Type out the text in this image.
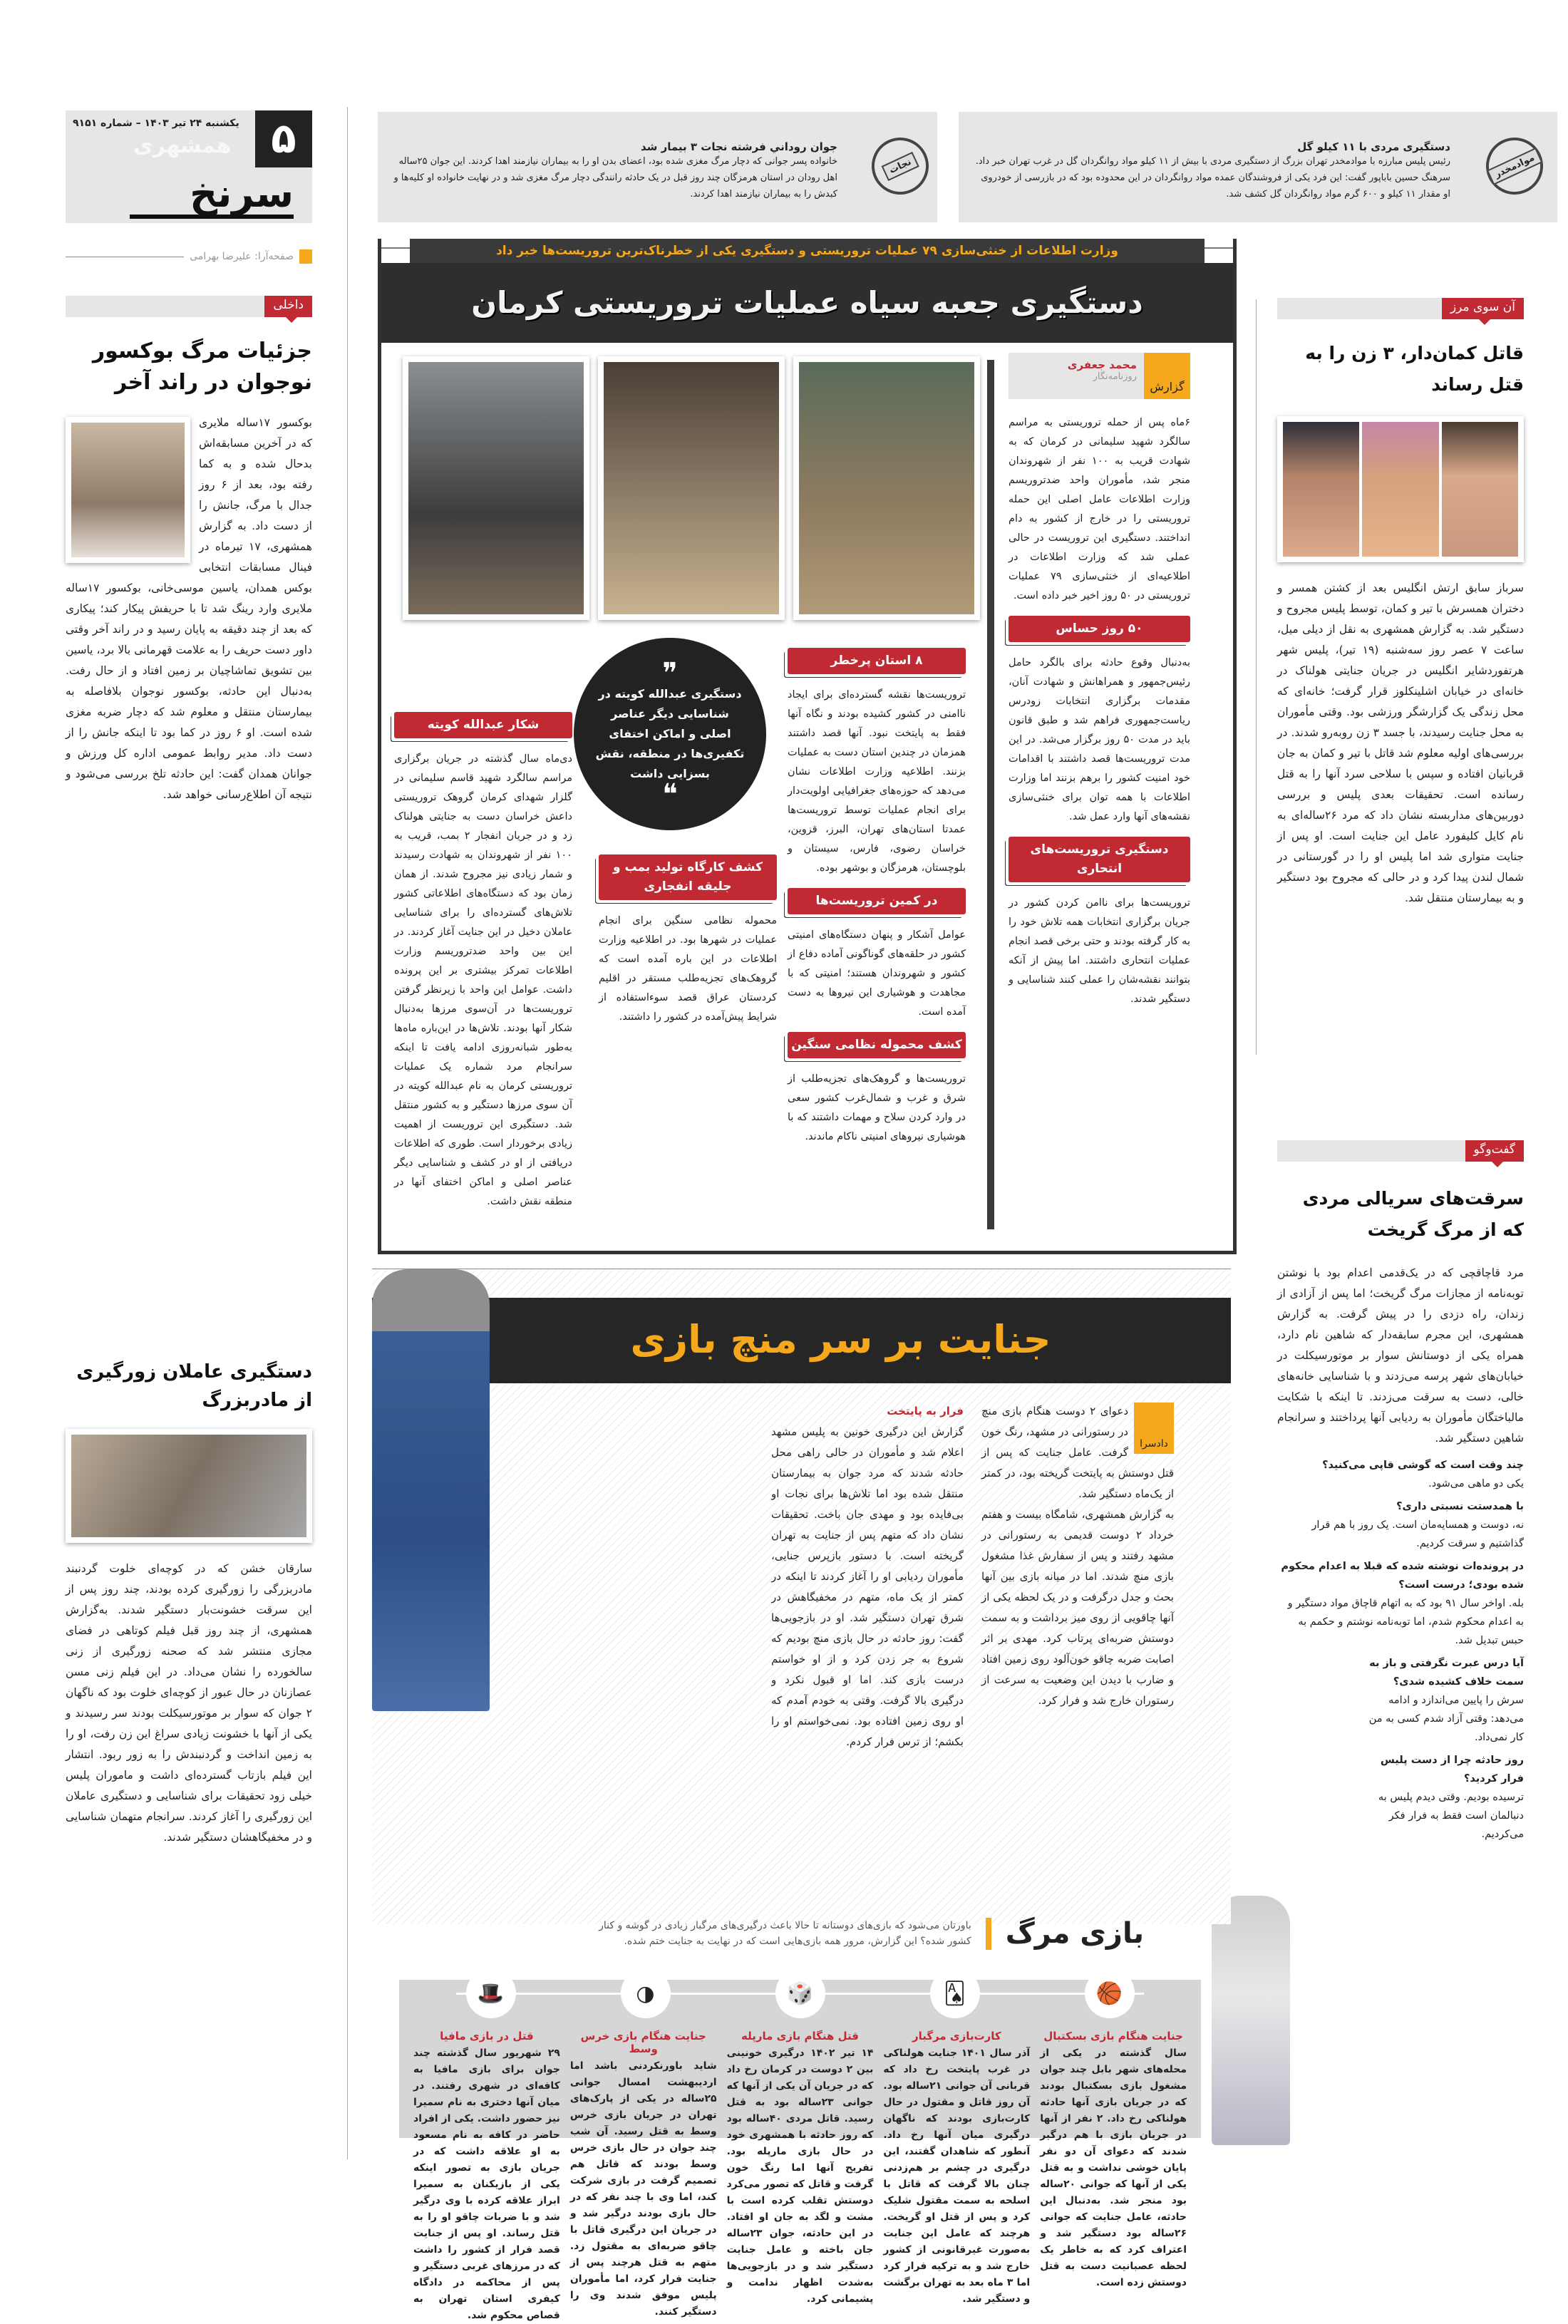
۵
یکشنبه ۲۴ تیر ۱۴۰۳ – شماره ۹۱۵۱
همشهری
سرنخ
صفحه‌آرا: علیرضا بهرامی
داخلی
جزئیات مرگ بوکسور نوجوان در راند آخر

بوکسور ۱۷ساله ملایری که در آخرین مسابقه‌اش بدحال شده و به کما رفته بود، بعد از ۶ روز جدال با مرگ، جانش را از دست داد. به گزارش همشهری، ۱۷ تیرماه در فینال مسابقات انتخابی بوکس همدان، یاسین موسی‌خانی، بوکسور ۱۷ساله ملایری وارد رینگ شد تا با حریفش پیکار کند؛ پیکاری که بعد از چند دقیقه به پایان رسید و در راند آخر وقتی داور دست حریف را به علامت قهرمانی بالا برد، یاسین بین تشویق تماشاچیان بر زمین افتاد و از حال رفت. به‌دنبال این حادثه، بوکسور نوجوان بلافاصله به بیمارستان منتقل و معلوم شد که دچار ضربه مغزی شده است. او ۶ روز در کما بود تا اینکه جانش را از دست داد. مدیر روابط عمومی اداره کل ورزش و جوانان همدان گفت: این حادثه تلخ بررسی می‌شود و نتیجه آن اطلاع‌رسانی خواهد شد.

دستگیری عاملان زورگیری از مادربزرگ

سارقان خشن که در کوچه‌ای خلوت گردنبند مادربزرگی را زورگیری کرده بودند، چند روز پس از این سرقت خشونت‌بار دستگیر شدند. به‌گزارش همشهری، از چند روز قبل فیلم کوتاهی در فضای مجازی منتشر شد که صحنه زورگیری از زنی سالخورده را نشان می‌داد. در این فیلم زنی مسن عصازنان در حال عبور از کوچه‌ای خلوت بود که ناگهان ۲ جوان که سوار بر موتورسیکلت بودند سر رسیدند و یکی از آنها با خشونت زیادی سراغ این زن رفت، او را به زمین انداخت و گردنبندش را به زور ربود. انتشار این فیلم بازتاب گسترده‌ای داشت و ماموران پلیس خیلی زود تحقیقات برای شناسایی و دستگیری عاملان این زورگیری را آغاز کردند. سرانجام متهمان شناسایی و در مخفیگاهشان دستگیر شدند.

نجات
جوان روداني فرشته نجات ۳ بیمار شد
خانواده پسر جوانی که دچار مرگ مغزی شده بود، اعضای بدن او را به بیماران نیازمند اهدا کردند. این جوان ۲۵ساله اهل رودان در استان هرمزگان چند روز قبل در یک حادثه رانندگی دچار مرگ مغزی شد و در نهایت خانواده او کلیه‌ها و کبدش را به بیماران نیازمند اهدا کردند.
موادمخدر
دستگیری مردی با ۱۱ کیلو گل
رئیس پلیس مبارزه با موادمخدر تهران بزرگ از دستگیری مردی با بیش از ۱۱ کیلو مواد روانگردان گل در غرب تهران خبر داد. سرهنگ حسین باباپور گفت: این فرد یکی از فروشندگان عمده مواد روانگردان در این محدوده بود که در بازرسی از خودروی او مقدار ۱۱ کیلو و ۶۰۰ گرم مواد روانگردان گل کشف شد.
دستگیری جعبه سیاه عملیات تروریستی کرمان
وزارت اطلاعات از خنثی‌سازی ۷۹ عملیات تروریستی و دستگیری یکی از خطرناک‌ترین تروریست‌ها خبر داد
گزارش
محمد جعفری
روزنامه‌نگار
❞
دستگیری عبدالله کویته در شناسایی دیگر عناصر اصلی و اماکن اختفای تکفیری‌ها در منطقه، نقش بسزایی داشت
❝

۶ماه پس از حمله تروریستی به مراسم سالگرد شهید سلیمانی در کرمان که به شهادت قریب به ۱۰۰ نفر از شهروندان منجر شد، مأموران واحد ضدتروریسم وزارت اطلاعات عامل اصلی این حمله تروریستی را در خارج از کشور به دام انداختند. دستگیری این تروریست در حالی عملی شد که وزارت اطلاعات در اطلاعیه‌ای از خنثی‌سازی ۷۹ عملیات تروریستی در ۵۰ روز اخیر خبر داده است.

۵۰ روز حساس

به‌دنبال وقوع حادثه برای بالگرد حامل رئیس‌جمهور و همراهانش و شهادت آنان، مقدمات برگزاری انتخابات زودرس ریاست‌جمهوری فراهم شد و طبق قانون باید در مدت ۵۰ روز برگزار می‌شد. در این مدت تروریست‌ها قصد داشتند با اقدامات خود امنیت کشور را برهم بزنند اما وزارت اطلاعات با همه توان برای خنثی‌سازی نقشه‌های آنها وارد عمل شد.

دستگیری تروریست‌های انتحاری

تروریست‌ها برای ناامن کردن کشور در جریان برگزاری انتخابات همه تلاش خود را به کار گرفته بودند و حتی برخی قصد انجام عملیات انتحاری داشتند. اما پیش از آنکه بتوانند نقشه‌شان را عملی کنند شناسایی و دستگیر شدند.

۸ استان پرخطر

تروریست‌ها نقشه گسترده‌ای برای ایجاد ناامنی در کشور کشیده بودند و نگاه آنها فقط به پایتخت نبود. آنها قصد داشتند همزمان در چندین استان دست به عملیات بزنند. اطلاعیه وزارت اطلاعات نشان می‌دهد که حوزه‌های جغرافیایی اولویت‌دار برای انجام عملیات توسط تروریست‌ها عمدتا استان‌های تهران، البرز، قزوین، خراسان رضوی، فارس، سیستان و بلوچستان، هرمزگان و بوشهر بوده.

در کمین تروریست‌ها

عوامل آشکار و پنهان دستگاه‌های امنیتی کشور در حلقه‌های گوناگونی آماده دفاع از کشور و شهروندان هستند؛ امنیتی که با مجاهدت و هوشیاری این نیروها به دست آمده است.

کشف محموله نظامی سنگین

تروریست‌ها و گروهک‌های تجزیه‌طلب از شرق و غرب و شمال‌غرب کشور سعی در وارد کردن سلاح و مهمات داشتند که با هوشیاری نیروهای امنیتی ناکام ماندند.

کشف کارگاه تولید بمب و جلیقه انفجاری

محموله نظامی سنگین برای انجام عملیات در شهرها بود. در اطلاعیه وزارت اطلاعات در این باره آمده است که گروهک‌های تجزیه‌طلب مستقر در اقلیم کردستان عراق قصد سوءاستفاده از شرایط پیش‌آمده در کشور را داشتند.

شکار عبدالله کویته

دی‌ماه سال گذشته در جریان برگزاری مراسم سالگرد شهید قاسم سلیمانی در گلزار شهدای کرمان گروهک تروریستی داعش خراسان دست به جنایتی هولناک زد و در جریان انفجار ۲ بمب، قریب به ۱۰۰ نفر از شهروندان به شهادت رسیدند و شمار زیادی نیز مجروح شدند. از همان زمان بود که دستگاه‌های اطلاعاتی کشور تلاش‌های گسترده‌ای را برای شناسایی عاملان دخیل در این جنایت آغاز کردند. در این بین واحد ضدتروریسم وزارت اطلاعات تمرکز بیشتری بر این پرونده داشت. عوامل این واحد با زیرنظر گرفتن تروریست‌ها در آن‌سوی مرزها به‌دنبال شکار آنها بودند. تلاش‌ها در این‌باره ماه‌ها به‌طور شبانه‌روزی ادامه یافت تا اینکه سرانجام مرد شماره یک عملیات تروریستی کرمان به نام عبدالله کویته در آن سوی مرزها دستگیر و به کشور منتقل شد. دستگیری این تروریست از اهمیت زیادی برخوردار است. طوری که اطلاعات دریافتی از او در کشف و شناسایی دیگر عناصر اصلی و اماکن اختفای آنها در منطقه نقش داشت.

آن سوی مرز
قاتل کمان‌دار، ۳ زن را به قتل رساند

سرباز سابق ارتش انگلیس بعد از کشتن همسر و دختران همسرش با تیر و کمان، توسط پلیس مجروح و دستگیر شد. به گزارش همشهری به نقل از دیلی میل، ساعت ۷ عصر روز سه‌شنبه (۱۹ تیر)، پلیس شهر هرتفوردشایر انگلیس در جریان جنایتی هولناک در خانه‌ای در خیابان اشلینکلوز قرار گرفت؛ خانه‌ای که محل زندگی یک گزارشگر ورزشی بود. وقتی مأموران به محل جنایت رسیدند، با جسد ۳ زن روبه‌رو شدند. در بررسی‌های اولیه معلوم شد قاتل با تیر و کمان به جان قربانیان افتاده و سپس با سلاحی سرد آنها را به قتل رسانده است. تحقیقات بعدی پلیس و بررسی دوربین‌های مداربسته نشان داد که مرد ۲۶ساله‌ای به نام کایل کلیفورد عامل این جنایت است. او پس از جنایت متواری شد اما پلیس او را در گورستانی در شمال لندن پیدا کرد و در حالی که مجروح بود دستگیر و به بیمارستان منتقل شد.

گفت‌وگو
سرقت‌های سریالی مردی که از مرگ گریخت

مرد قاچاقچی که در یک‌قدمی اعدام بود با نوشتن توبه‌نامه از مجازات مرگ گریخت؛ اما پس از آزادی از زندان، راه دزدی را در پیش گرفت. به گزارش همشهری، این مجرم سابقه‌دار که شاهین نام دارد، همراه یکی از دوستانش سوار بر موتورسیکلت در خیابان‌های شهر پرسه می‌زدند و با شناسایی خانه‌های خالی، دست به سرقت می‌زدند. تا اینکه با شکایت مالباختگان مأموران به ردیابی آنها پرداختند و سرانجام شاهین دستگیر شد.

چند وقت است که گوشی قاپی می‌کنید؟
یکی دو ماهی می‌شود.
با همدستت نسبتی داری؟
نه، دوست و همسایه‌مان است. یک روز با هم قرار گذاشتیم و سرقت کردیم.
در پرونده‌ات نوشته شده که قبلا به اعدام محکوم شده بودی؛ درست است؟
بله. اواخر سال ۹۱ بود که به اتهام قاچاق مواد دستگیر و به اعدام محکوم شدم، اما توبه‌نامه نوشتم و حکمم به حبس تبدیل شد.
آیا درس عبرت نگرفتی و باز به سمت خلاف کشیده شدی؟
سرش را پایین می‌اندازد و ادامه می‌دهد: وقتی آزاد شدم کسی به من کار نمی‌داد.
روز حادثه چرا از دست پلیس فرار کردید؟
ترسیده بودیم. وقتی دیدم پلیس به دنبالمان است فقط به فرار فکر می‌کردیم.
جنایت بر سر منچ بازی
دادسرا

دعوای ۲ دوست هنگام بازی منچ در رستورانی در مشهد، رنگ خون گرفت. عامل جنایت که پس از قتل دوستش به پایتخت گریخته بود، در کمتر از یک‌ماه دستگیر شد.

به گزارش همشهری، شامگاه بیست و هفتم خرداد ۲ دوست قدیمی به رستورانی در مشهد رفتند و پس از سفارش غذا مشغول بازی منچ شدند. اما در میانه بازی بین آنها بحث و جدل درگرفت و در یک لحظه یکی از آنها چاقویی از روی میز برداشت و به سمت دوستش ضربه‌ای پرتاب کرد. مهدی بر اثر اصابت ضربه چاقو خون‌آلود روی زمین افتاد و ضارب با دیدن این وضعیت به سرعت از رستوران خارج شد و فرار کرد.

فرار به پایتخت

گزارش این درگیری خونین به پلیس مشهد اعلام شد و مأموران در حالی راهی محل حادثه شدند که مرد جوان به بیمارستان منتقل شده بود اما تلاش‌ها برای نجات او بی‌فایده بود و مهدی جان باخت. تحقیقات نشان داد که متهم پس از جنایت به تهران گریخته است. با دستور بازپرس جنایی، مأموران ردیابی او را آغاز کردند تا اینکه در کمتر از یک ماه، متهم در مخفیگاهش در شرق تهران دستگیر شد. او در بازجویی‌ها گفت: روز حادثه در حال بازی منچ بودیم که شروع به جر زدن کرد و از او خواستم درست بازی کند. اما او قبول نکرد و درگیری بالا گرفت. وقتی به خودم آمدم که او روی زمین افتاده بود. نمی‌خواستم او را بکشم؛ از ترس فرار کردم.

بازی مرگ
باورتان می‌شود که بازی‌های دوستانه تا حالا باعث درگیری‌های مرگبار زیادی در گوشه و کنار کشور شده؟ این گزارش، مرور همه بازی‌هایی است که در نهایت به جنایت ختم شده.
🏀
🂡
🎲
◑
🎩
جنایت هنگام بازی بسکتبال

سال گذشته در یکی از محله‌های شهر بابل چند جوان مشغول بازی بسکتبال بودند که در جریان بازی آنها حادثه هولناکی رخ داد. ۲ نفر از آنها در جریان بازی با هم درگیر شدند که دعوای آن دو نفر پایان خوشی نداشت و به قتل یکی از آنها که جوانی ۲۰ساله بود منجر شد. به‌دنبال این حادثه، عامل جنایت که جوانی ۲۶ساله بود دستگیر شد و اعتراف کرد که به خاطر یک لحظه عصبانیت دست به قتل دوستش زده است.

کارت‌بازی مرگبار

آذر سال ۱۴۰۱ جنایت هولناکی در غرب پایتخت رخ داد که قربانی آن جوانی ۲۱ساله بود. آن روز قاتل و مقتول در حال کارت‌بازی بودند که ناگهان درگیری میان آنها رخ داد. آنطور که شاهدان گفتند، این درگیری در چشم بر هم‌زدنی چنان بالا گرفت که قاتل با اسلحه به سمت مقتول شلیک کرد و پس از قتل او گریخت. هرچند که عامل این جنایت به‌صورت غیرقانونی از کشور خارج شد و به ترکیه فرار کرد اما ۳ ماه بعد به تهران برگشت و دستگیر شد.

قتل هنگام بازی مارپله

۱۴ تیر ۱۴۰۲ درگیری خونینی بین ۲ دوست در کرمان رخ داد که در جریان آن یکی از آنها که جوانی ۲۳ساله بود به قتل رسید. قاتل مردی ۴۰ساله بود که روز حادثه با همشهری خود در حال بازی مارپله بود. تفریح آنها اما رنگ خون گرفت و قاتل که تصور می‌کرد دوستش تقلب کرده است با مشت و لگد به جان او افتاد. در این حادثه، جوان ۲۳ساله جان باخته و عامل جنایت دستگیر شد و در بازجویی‌ها به‌شدت اظهار ندامت و پشیمانی کرد.

جنایت هنگام بازی خرس وسط

شاید باورنکردنی باشد اما اردیبهشت امسال جوانی ۲۵ساله در یکی از پارک‌های تهران در جریان بازی خرس وسط به قتل رسید. آن شب چند جوان در حال بازی خرس وسط بودند که قاتل هم تصمیم گرفت در بازی شرکت کند، اما وی با چند نفر که در حال بازی بودند درگیر شد و در جریان این درگیری قاتل با چاقو ضربه‌ای به مقتول زد. متهم به قتل هرچند پس از جنایت فرار کرد، اما مأموران پلیس موفق شدند وی را دستگیر کنند.

قتل در بازی مافیا

۲۹ شهریور سال گذشته چند جوان برای بازی مافیا به کافه‌ای در شهری رفتند. در میان آنها دختری به نام سمیرا نیز حضور داشت. یکی از افراد حاضر در کافه به نام مسعود به او علاقه داشت که در جریان بازی به تصور اینکه یکی از بازیکنان به سمیرا ابراز علاقه کرده با وی درگیر شد و با ضربات چاقو او را به قتل رساند. او پس از جنایت قصد فرار از کشور را داشت که در مرزهای غربی دستگیر و پس از محاکمه در دادگاه کیفری استان تهران به قصاص محکوم شد.
